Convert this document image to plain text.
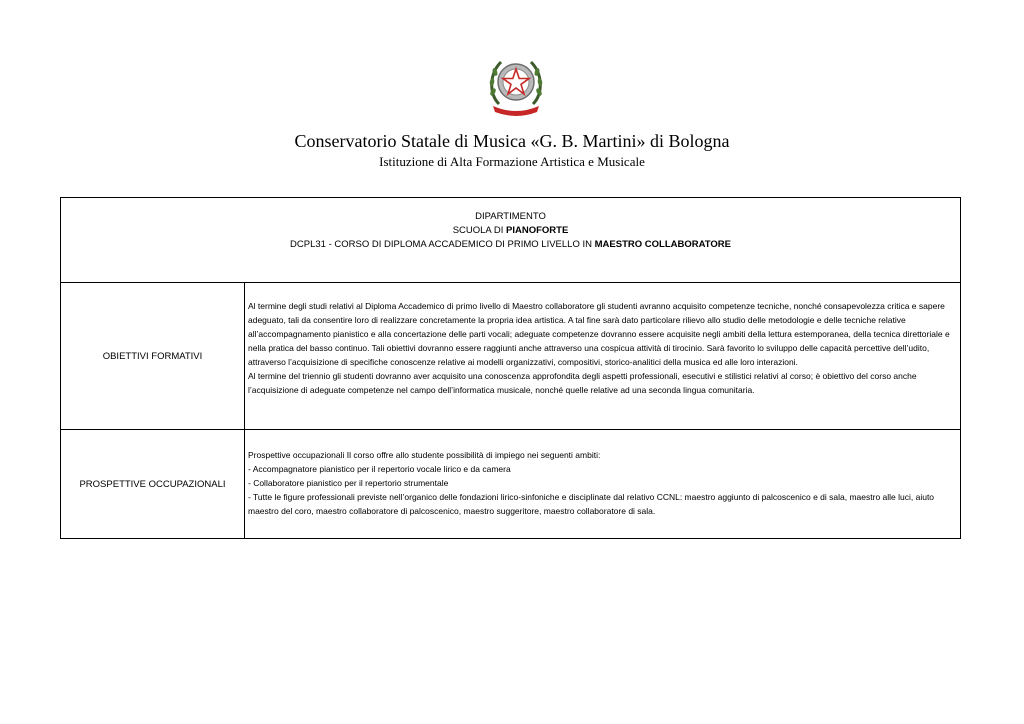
Conservatorio Statale di Musica «G. B. Martini» di Bologna
Istituzione di Alta Formazione Artistica e Musicale
DIPARTIMENTO
SCUOLA DI PIANOFORTE
DCPL31 - CORSO DI DIPLOMA ACCADEMICO DI PRIMO LIVELLO IN MAESTRO COLLABORATORE
OBIETTIVI FORMATIVI

Al termine degli studi relativi al Diploma Accademico di primo livello di Maestro collaboratore gli studenti avranno acquisito competenze tecniche, nonché consapevolezza critica e sapere adeguato, tali da consentire loro di realizzare concretamente la propria idea artistica. A tal fine sarà dato particolare rilievo allo studio delle metodologie e delle tecniche relative all’accompagnamento pianistico e alla concertazione delle parti vocali; adeguate competenze dovranno essere acquisite negli ambiti della lettura estemporanea, della tecnica direttoriale e nella pratica del basso continuo. Tali obiettivi dovranno essere raggiunti anche attraverso una cospicua attività di tirocinio. Sarà favorito lo sviluppo delle capacità percettive dell’udito, attraverso l’acquisizione di specifiche conoscenze relative ai modelli organizzativi, compositivi, storico-analitici della musica ed alle loro interazioni.

Al termine del triennio gli studenti dovranno aver acquisito una conoscenza approfondita degli aspetti professionali, esecutivi e stilistici relativi al corso; è obiettivo del corso anche l’acquisizione di adeguate competenze nel campo dell’informatica musicale, nonché quelle relative ad una seconda lingua comunitaria.

PROSPETTIVE OCCUPAZIONALI

Prospettive occupazionali Il corso offre allo studente possibilità di impiego nei seguenti ambiti:

- Accompagnatore pianistico per il repertorio vocale lirico e da camera
- Collaboratore pianistico per il repertorio strumentale
- Tutte le figure professionali previste nell’organico delle fondazioni lirico-sinfoniche e disciplinate dal relativo CCNL: maestro aggiunto di palcoscenico e di sala, maestro alle luci, aiuto maestro del coro, maestro collaboratore di palcoscenico, maestro suggeritore, maestro collaboratore di sala.
